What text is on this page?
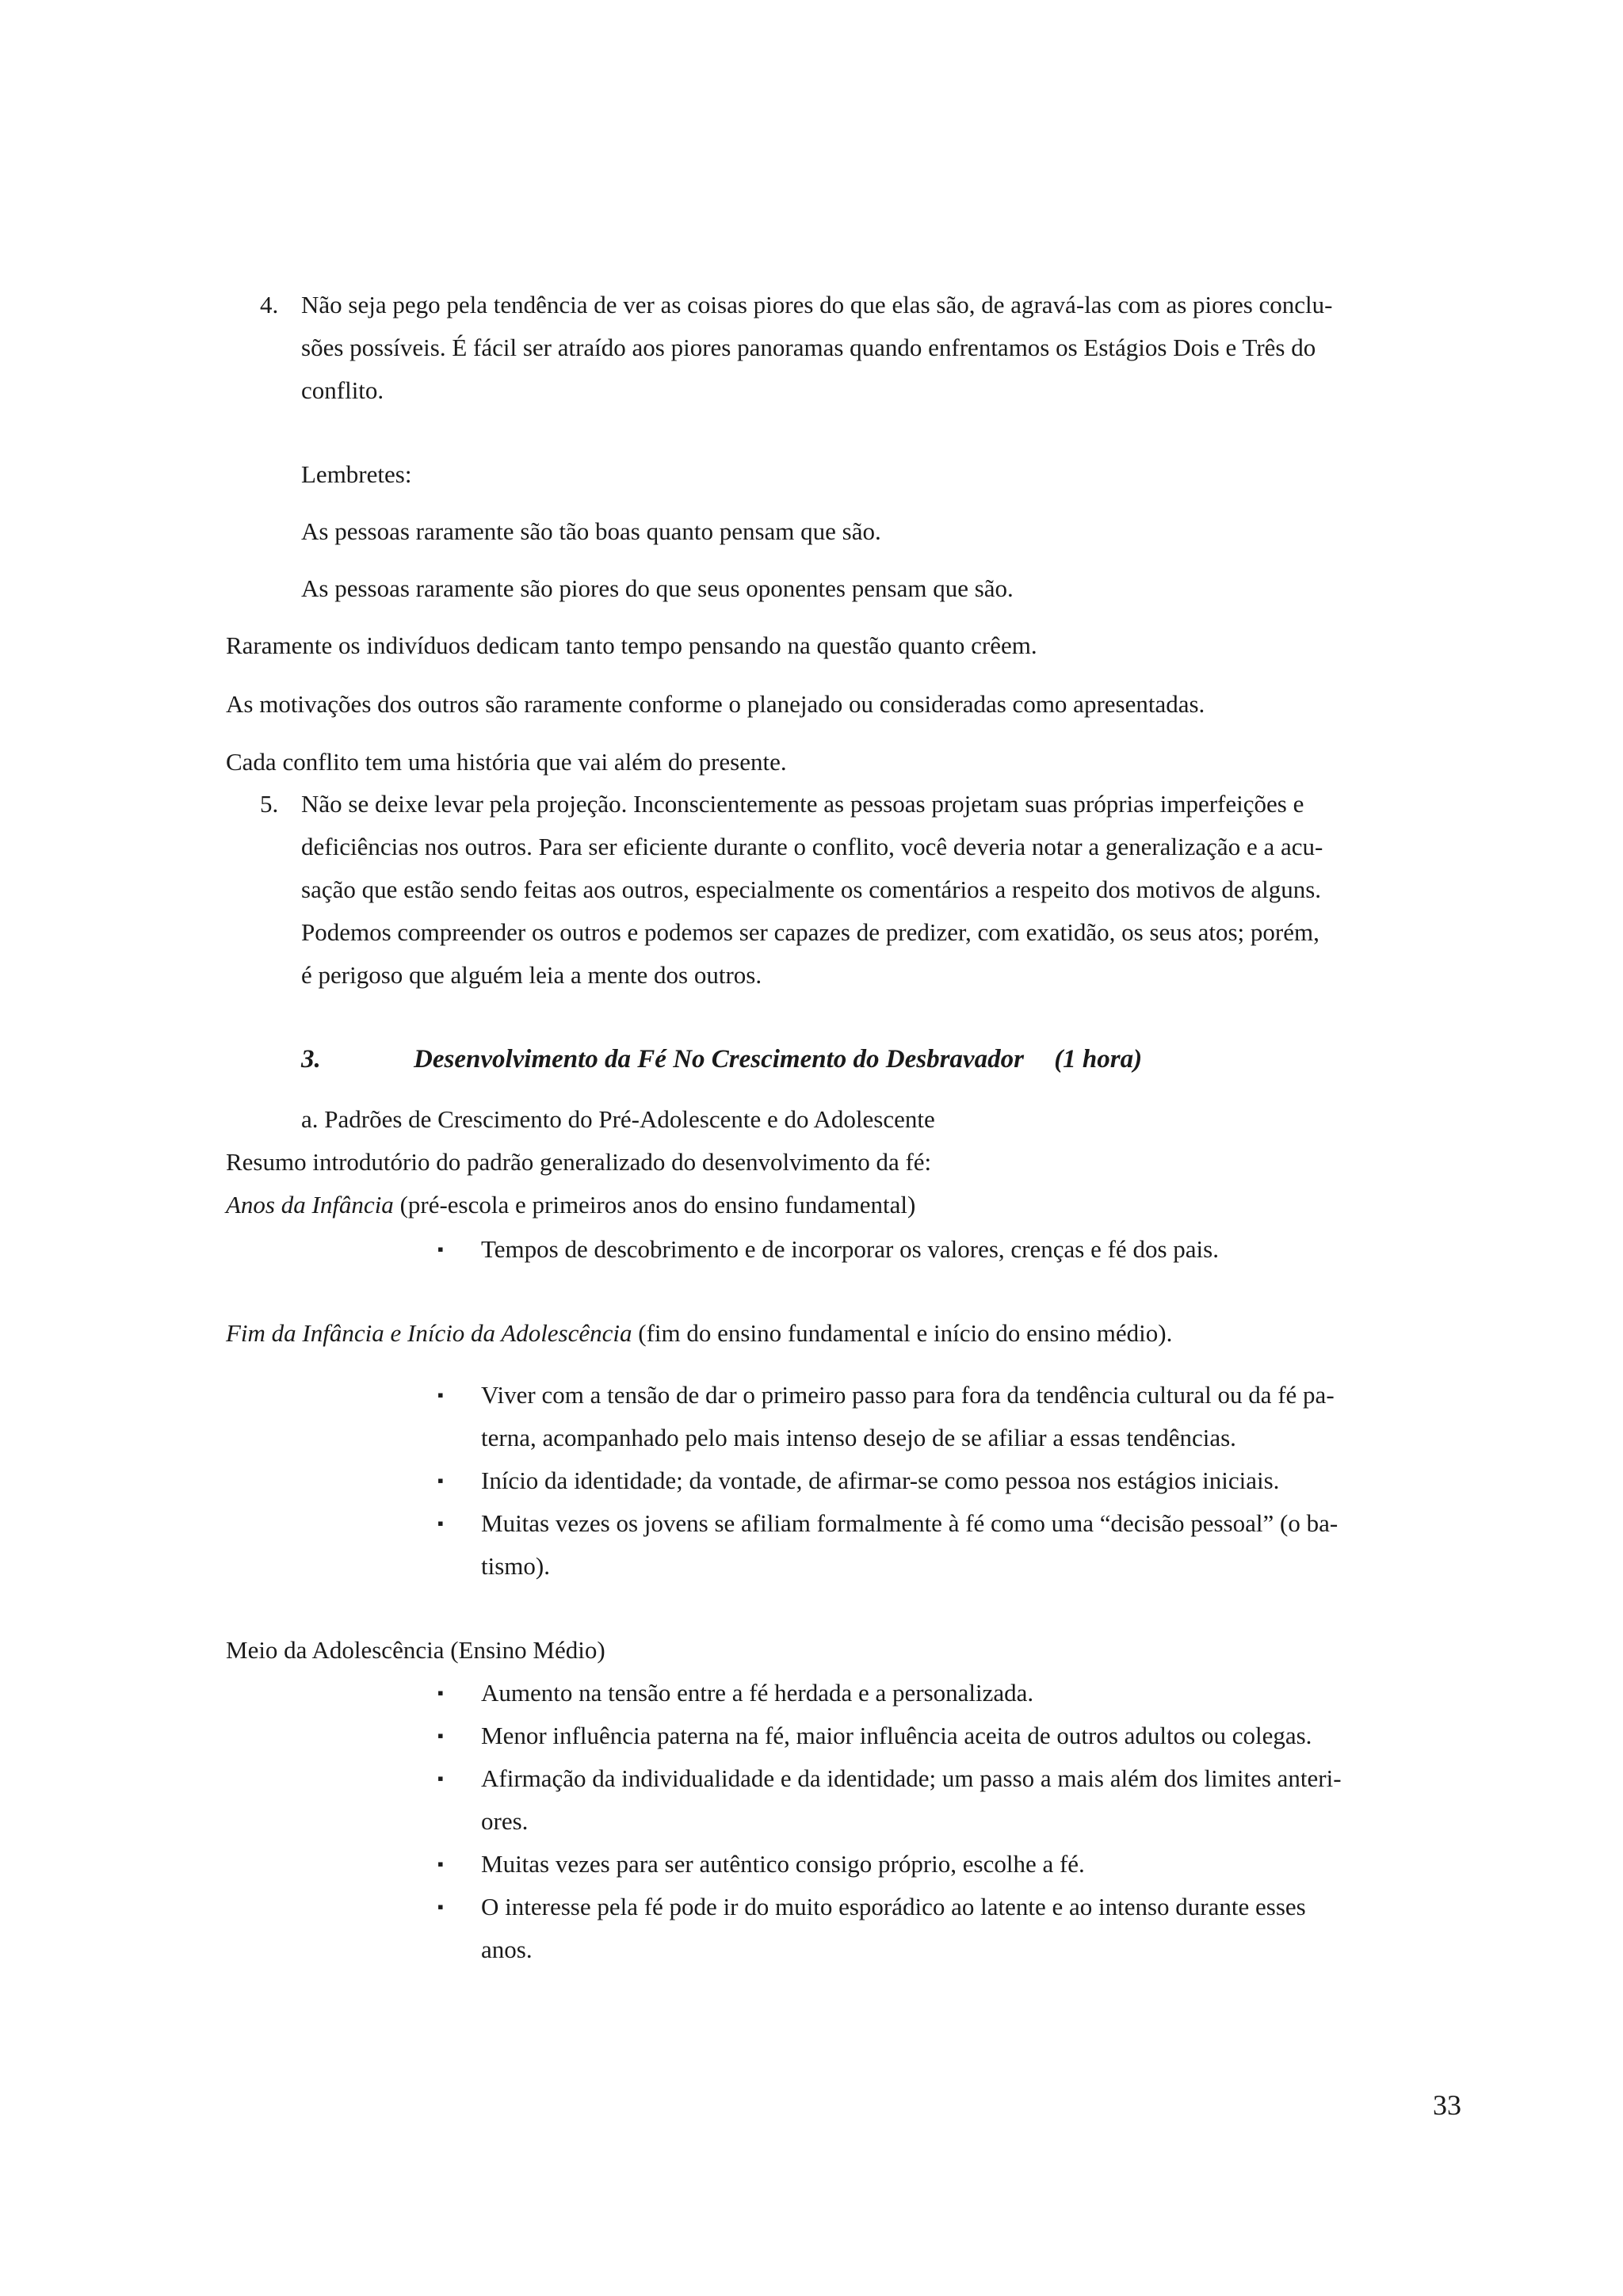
4. Não seja pego pela tendência de ver as coisas piores do que elas são, de agravá-las com as piores conclu-
sões possíveis. É fácil ser atraído aos piores panoramas quando enfrentamos os Estágios Dois e Três do
conflito.
Lembretes:
As pessoas raramente são tão boas quanto pensam que são.
As pessoas raramente são piores do que seus oponentes pensam que são.
Raramente os indivíduos dedicam tanto tempo pensando na questão quanto crêem.
As motivações dos outros são raramente conforme o planejado ou consideradas como apresentadas.
Cada conflito tem uma história que vai além do presente.
5. Não se deixe levar pela projeção. Inconscientemente as pessoas projetam suas próprias imperfeições e
deficiências nos outros. Para ser eficiente durante o conflito, você deveria notar a generalização e a acu-
sação que estão sendo feitas aos outros, especialmente os comentários a respeito dos motivos de alguns.
Podemos compreender os outros e podemos ser capazes de predizer, com exatidão, os seus atos; porém,
é perigoso que alguém leia a mente dos outros.
3.	Desenvolvimento da Fé No Crescimento do Desbravador (1 hora)
a. Padrões de Crescimento do Pré-Adolescente e do Adolescente
Resumo introdutório do padrão generalizado do desenvolvimento da fé:
Anos da Infância (pré-escola e primeiros anos do ensino fundamental)
▪ Tempos de descobrimento e de incorporar os valores, crenças e fé dos pais.
Fim da Infância e Início da Adolescência (fim do ensino fundamental e início do ensino médio).
▪ Viver com a tensão de dar o primeiro passo para fora da tendência cultural ou da fé pa-
terna, acompanhado pelo mais intenso desejo de se afiliar a essas tendências.
▪ Início da identidade; da vontade, de afirmar-se como pessoa nos estágios iniciais.
▪ Muitas vezes os jovens se afiliam formalmente à fé como uma “decisão pessoal” (o ba-
tismo).
Meio da Adolescência (Ensino Médio)
▪ Aumento na tensão entre a fé herdada e a personalizada.
▪ Menor influência paterna na fé, maior influência aceita de outros adultos ou colegas.
▪ Afirmação da individualidade e da identidade; um passo a mais além dos limites anteri-
ores.
▪ Muitas vezes para ser autêntico consigo próprio, escolhe a fé.
▪ O interesse pela fé pode ir do muito esporádico ao latente e ao intenso durante esses
anos.
33
